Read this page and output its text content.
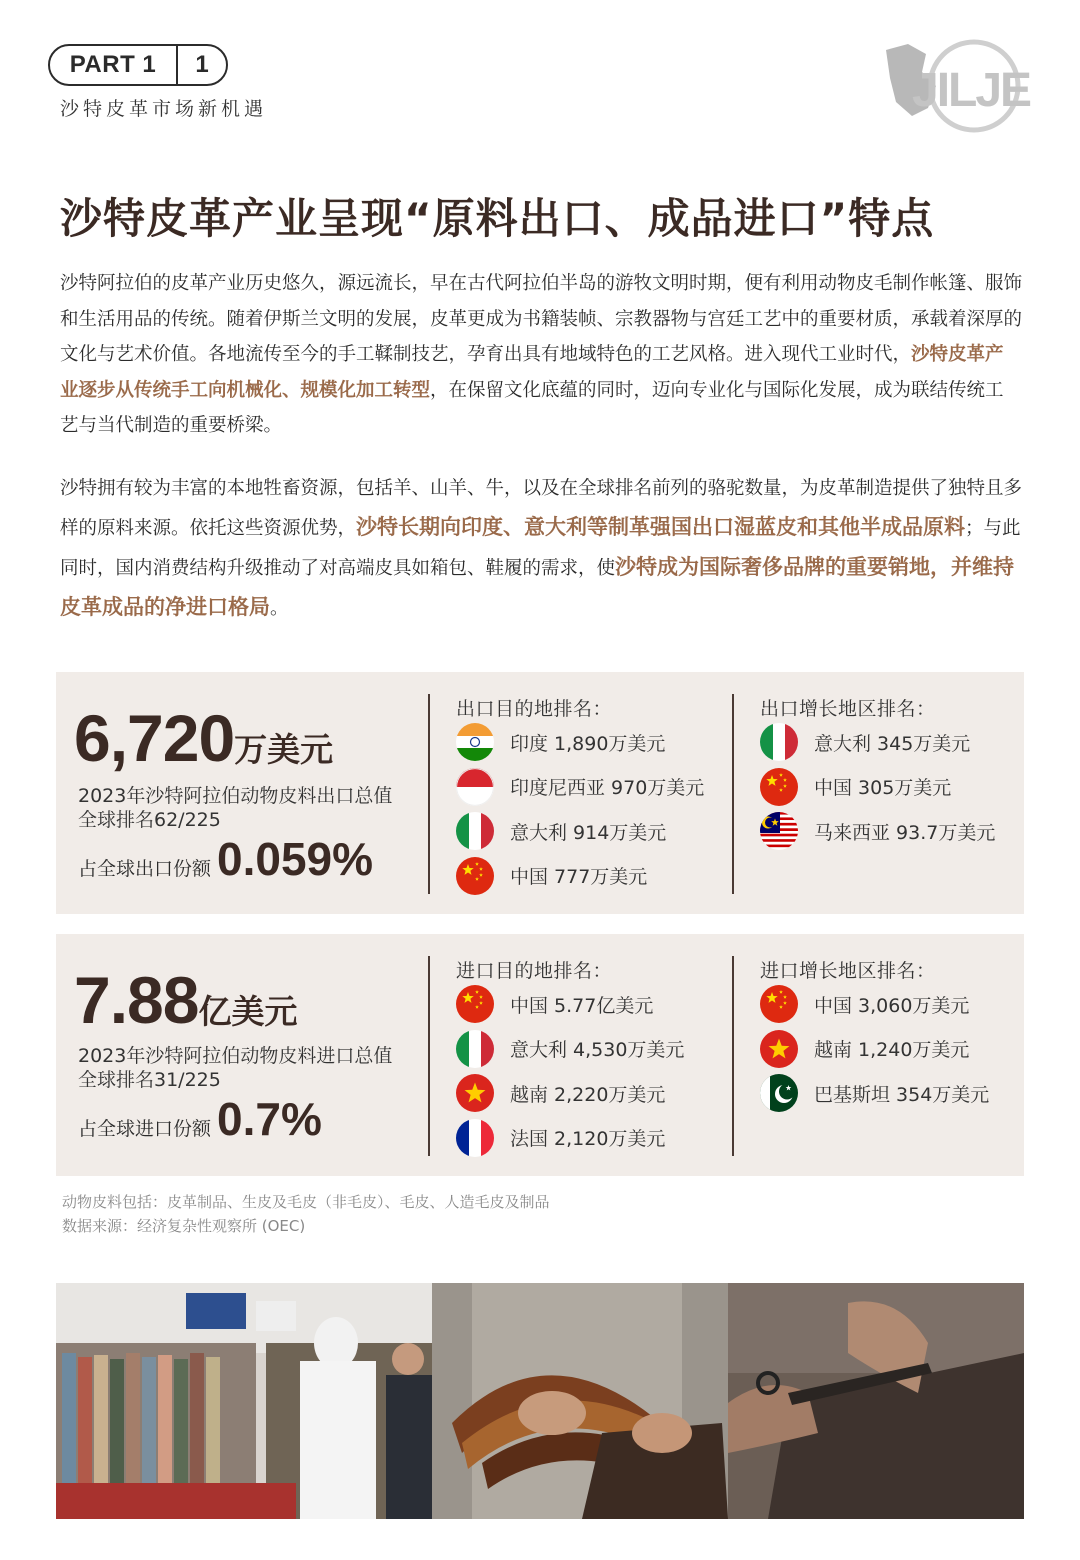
PART 1	1
沙特皮革市场新机遇	JILJE
沙特皮革产业呈现“原料出口、成品进口”特点
沙特阿拉伯的皮革产业历史悠久，源远流长，早在古代阿拉伯半岛的游牧文明时期，便有利用动物皮毛制作帐篷、服饰和生活用品的传统。随着伊斯兰文明的发展，皮革更成为书籍装帧、宗教器物与宫廷工艺中的重要材质，承载着深厚的文化与艺术价值。各地流传至今的手工鞣制技艺，孕育出具有地域特色的工艺风格。进入现代工业时代，沙特皮革产业逐步从传统手工向机械化、规模化加工转型，在保留文化底蕴的同时，迈向专业化与国际化发展，成为联结传统工艺与当代制造的重要桥梁。
沙特拥有较为丰富的本地牲畜资源，包括羊、山羊、牛，以及在全球排名前列的骆驼数量，为皮革制造提供了独特且多样的原料来源。依托这些资源优势，沙特长期向印度、意大利等制革强国出口湿蓝皮和其他半成品原料；与此同时，国内消费结构升级推动了对高端皮具如箱包、鞋履的需求，使沙特成为国际奢侈品牌的重要销地，并维持皮革成品的净进口格局。
6,720万美元
2023年沙特阿拉伯动物皮料出口总值
全球排名62/225
占全球出口份额 0.059%
出口目的地排名：
印度 1,890万美元
印度尼西亚 970万美元
意大利 914万美元
中国 777万美元
出口增长地区排名：
意大利 345万美元
中国 305万美元
马来西亚 93.7万美元
7.88亿美元
2023年沙特阿拉伯动物皮料进口总值
全球排名31/225
占全球进口份额 0.7%
进口目的地排名：
中国 5.77亿美元
意大利 4,530万美元
越南 2,220万美元
法国 2,120万美元
进口增长地区排名：
中国 3,060万美元
越南 1,240万美元
巴基斯坦 354万美元
动物皮料包括：皮革制品、生皮及毛皮（非毛皮）、毛皮、人造毛皮及制品
数据来源：经济复杂性观察所 (OEC)
